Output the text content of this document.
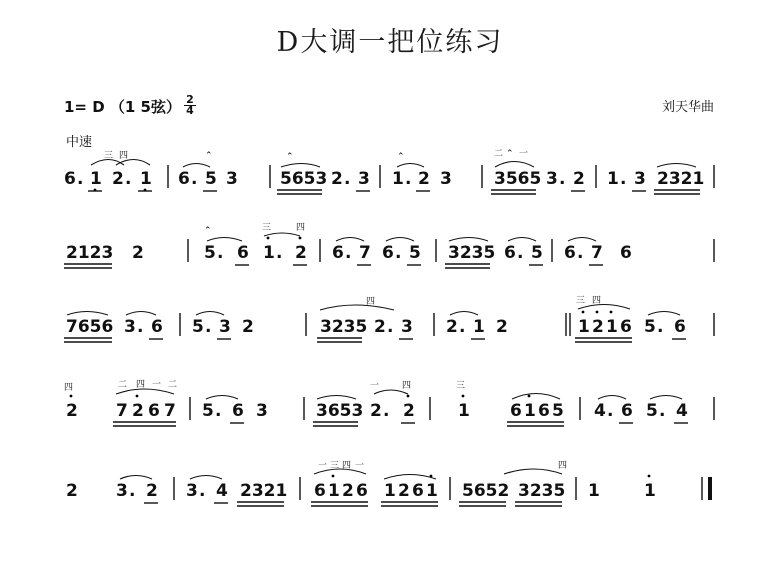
D大调一把位练习
1= D （1 5弦） 2
4	刘天华曲
中速
6 . 1 2 . 1
三 四
6 . 5 3
⌃
5653 2 . 3
⌃
1 . 2 3
⌃
3565 3 . 2
二 ⌃ 一
1 . 3 2321
2123 2	5 . 6 1 . 2
⌃	三	四
6 . 7 6 . 5 3235 6 . 5 6 . 7 6
7656 3 . 6 5 . 3 2	3235 2 . 3
四
2 . 1 2	1 2 1 6 5 . 6
三 四
2
四
7 2 6 7
二 四 一 二
5 . 6 3	3653 2 . 2
一	四
1
三
6 1 6 5 4 . 6 5 . 4
2 3 . 2 3 . 4 2321 6 1 2 6
一 三 四 一
1 2 6 1 5652 3235
四
1	1
